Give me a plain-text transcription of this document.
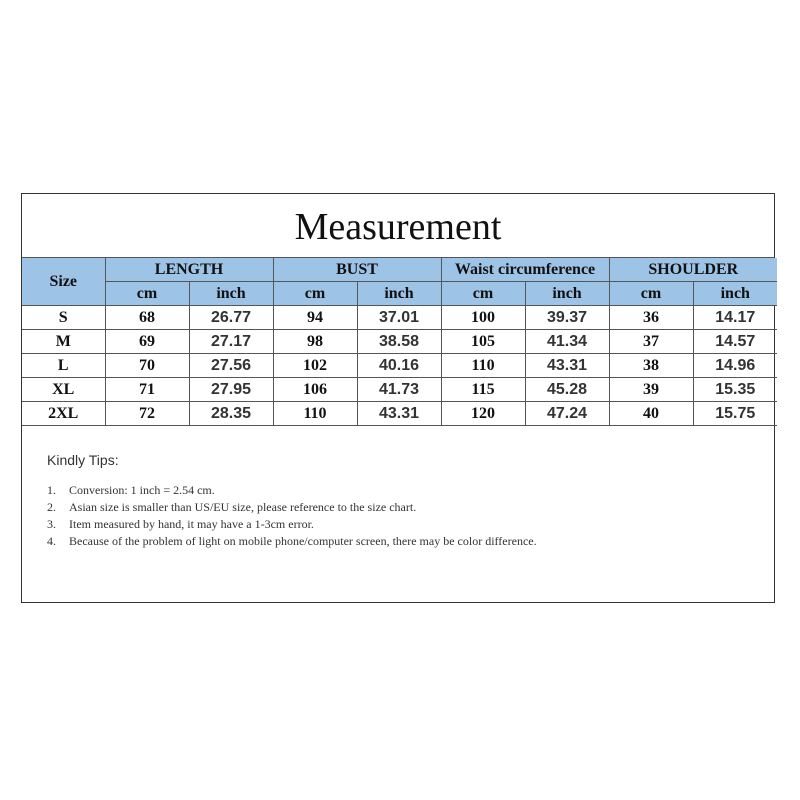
Measurement
Size	LENGTH		BUST		Waist circumference		SHOULDER	
	cm	inch	cm	inch	cm	inch	cm	inch
S	68	26.77	94	37.01	100	39.37	36	14.17
M	69	27.17	98	38.58	105	41.34	37	14.57
L	70	27.56	102	40.16	110	43.31	38	14.96
XL	71	27.95	106	41.73	115	45.28	39	15.35
2XL	72	28.35	110	43.31	120	47.24	40	15.75
Kindly Tips:
1. Conversion: 1 inch = 2.54 cm.
2. Asian size is smaller than US/EU size, please reference to the size chart.
3. Item measured by hand, it may have a 1-3cm error.
4. Because of the problem of light on mobile phone/computer screen, there may be color difference.
